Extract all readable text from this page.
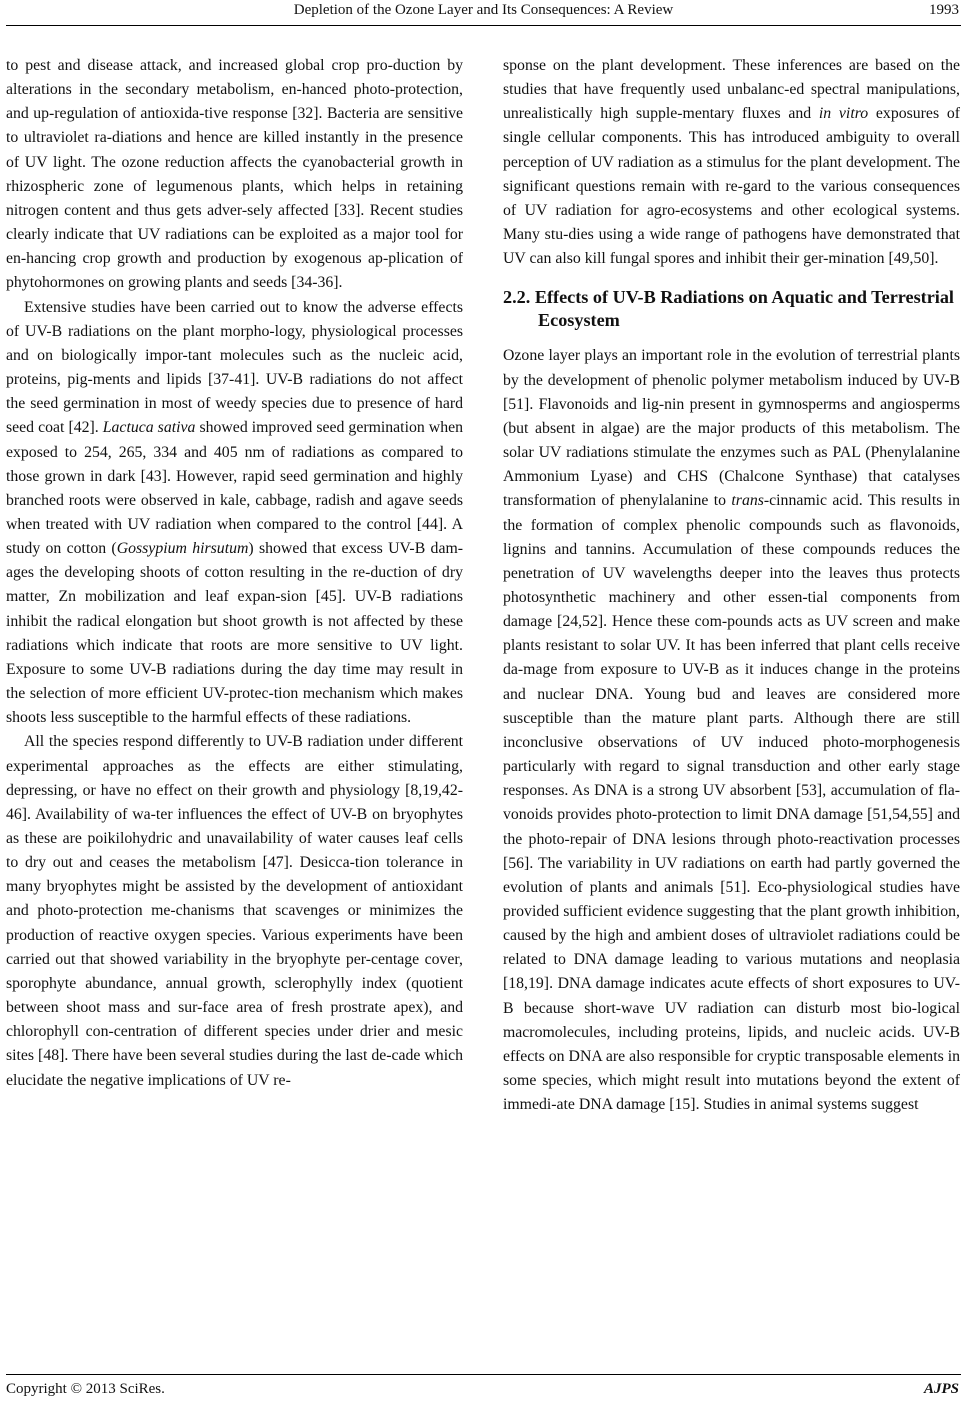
Depletion of the Ozone Layer and Its Consequences: A Review	1993

to pest and disease attack, and increased global crop pro-duction by alterations in the secondary metabolism, en-hanced photo-protection, and up-regulation of antioxida-tive response [32]. Bacteria are sensitive to ultraviolet ra-diations and hence are killed instantly in the presence of UV light. The ozone reduction affects the cyanobacterial growth in rhizospheric zone of legumenous plants, which helps in retaining nitrogen content and thus gets adver-sely affected [33]. Recent studies clearly indicate that UV radiations can be exploited as a major tool for en-hancing crop growth and production by exogenous ap-plication of phytohormones on growing plants and seeds [34-36].

Extensive studies have been carried out to know the adverse effects of UV-B radiations on the plant morpho-logy, physiological processes and on biologically impor-tant molecules such as the nucleic acid, proteins, pig-ments and lipids [37-41]. UV-B radiations do not affect the seed germination in most of weedy species due to presence of hard seed coat [42]. Lactuca sativa showed improved seed germination when exposed to 254, 265, 334 and 405 nm of radiations as compared to those grown in dark [43]. However, rapid seed germination and highly branched roots were observed in kale, cabbage, radish and agave seeds when treated with UV radiation when compared to the control [44]. A study on cotton (Gossypium hirsutum) showed that excess UV-B dam-ages the developing shoots of cotton resulting in the re-duction of dry matter, Zn mobilization and leaf expan-sion [45]. UV-B radiations inhibit the radical elongation but shoot growth is not affected by these radiations which indicate that roots are more sensitive to UV light. Exposure to some UV-B radiations during the day time may result in the selection of more efficient UV-protec-tion mechanism which makes shoots less susceptible to the harmful effects of these radiations.

All the species respond differently to UV-B radiation under different experimental approaches as the effects are either stimulating, depressing, or have no effect on their growth and physiology [8,19,42-46]. Availability of wa-ter influences the effect of UV-B on bryophytes as these are poikilohydric and unavailability of water causes leaf cells to dry out and ceases the metabolism [47]. Desicca-tion tolerance in many bryophytes might be assisted by the development of antioxidant and photo-protection me-chanisms that scavenges or minimizes the production of reactive oxygen species. Various experiments have been carried out that showed variability in the bryophyte per-centage cover, sporophyte abundance, annual growth, sclerophylly index (quotient between shoot mass and sur-face area of fresh prostrate apex), and chlorophyll con-centration of different species under drier and mesic sites [48]. There have been several studies during the last de-cade which elucidate the negative implications of UV re-

sponse on the plant development. These inferences are based on the studies that have frequently used unbalanc-ed spectral manipulations, unrealistically high supple-mentary fluxes and in vitro exposures of single cellular components. This has introduced ambiguity to overall perception of UV radiation as a stimulus for the plant development. The significant questions remain with re-gard to the various consequences of UV radiation for agro-ecosystems and other ecological systems. Many stu-dies using a wide range of pathogens have demonstrated that UV can also kill fungal spores and inhibit their ger-mination [49,50].

2.2. Effects of UV-B Radiations on Aquatic and Terrestrial Ecosystem

Ozone layer plays an important role in the evolution of terrestrial plants by the development of phenolic polymer metabolism induced by UV-B [51]. Flavonoids and lig-nin present in gymnosperms and angiosperms (but absent in algae) are the major products of this metabolism. The solar UV radiations stimulate the enzymes such as PAL (Phenylalanine Ammonium Lyase) and CHS (Chalcone Synthase) that catalyses transformation of phenylalanine to trans-cinnamic acid. This results in the formation of complex phenolic compounds such as flavonoids, lignins and tannins. Accumulation of these compounds reduces the penetration of UV wavelengths deeper into the leaves thus protects photosynthetic machinery and other essen-tial components from damage [24,52]. Hence these com-pounds acts as UV screen and make plants resistant to solar UV. It has been inferred that plant cells receive da-mage from exposure to UV-B as it induces change in the proteins and nuclear DNA. Young bud and leaves are considered more susceptible than the mature plant parts. Although there are still inconclusive observations of UV induced photo-morphogenesis particularly with regard to signal transduction and other early stage responses. As DNA is a strong UV absorbent [53], accumulation of fla-vonoids provides photo-protection to limit DNA damage [51,54,55] and the photo-repair of DNA lesions through photo-reactivation processes [56]. The variability in UV radiations on earth had partly governed the evolution of plants and animals [51]. Eco-physiological studies have provided sufficient evidence suggesting that the plant growth inhibition, caused by the high and ambient doses of ultraviolet radiations could be related to DNA damage leading to various mutations and neoplasia [18,19]. DNA damage indicates acute effects of short exposures to UV-B because short-wave UV radiation can disturb most bio-logical macromolecules, including proteins, lipids, and nucleic acids. UV-B effects on DNA are also responsible for cryptic transposable elements in some species, which might result into mutations beyond the extent of immedi-ate DNA damage [15]. Studies in animal systems suggest

Copyright © 2013 SciRes.	AJPS
